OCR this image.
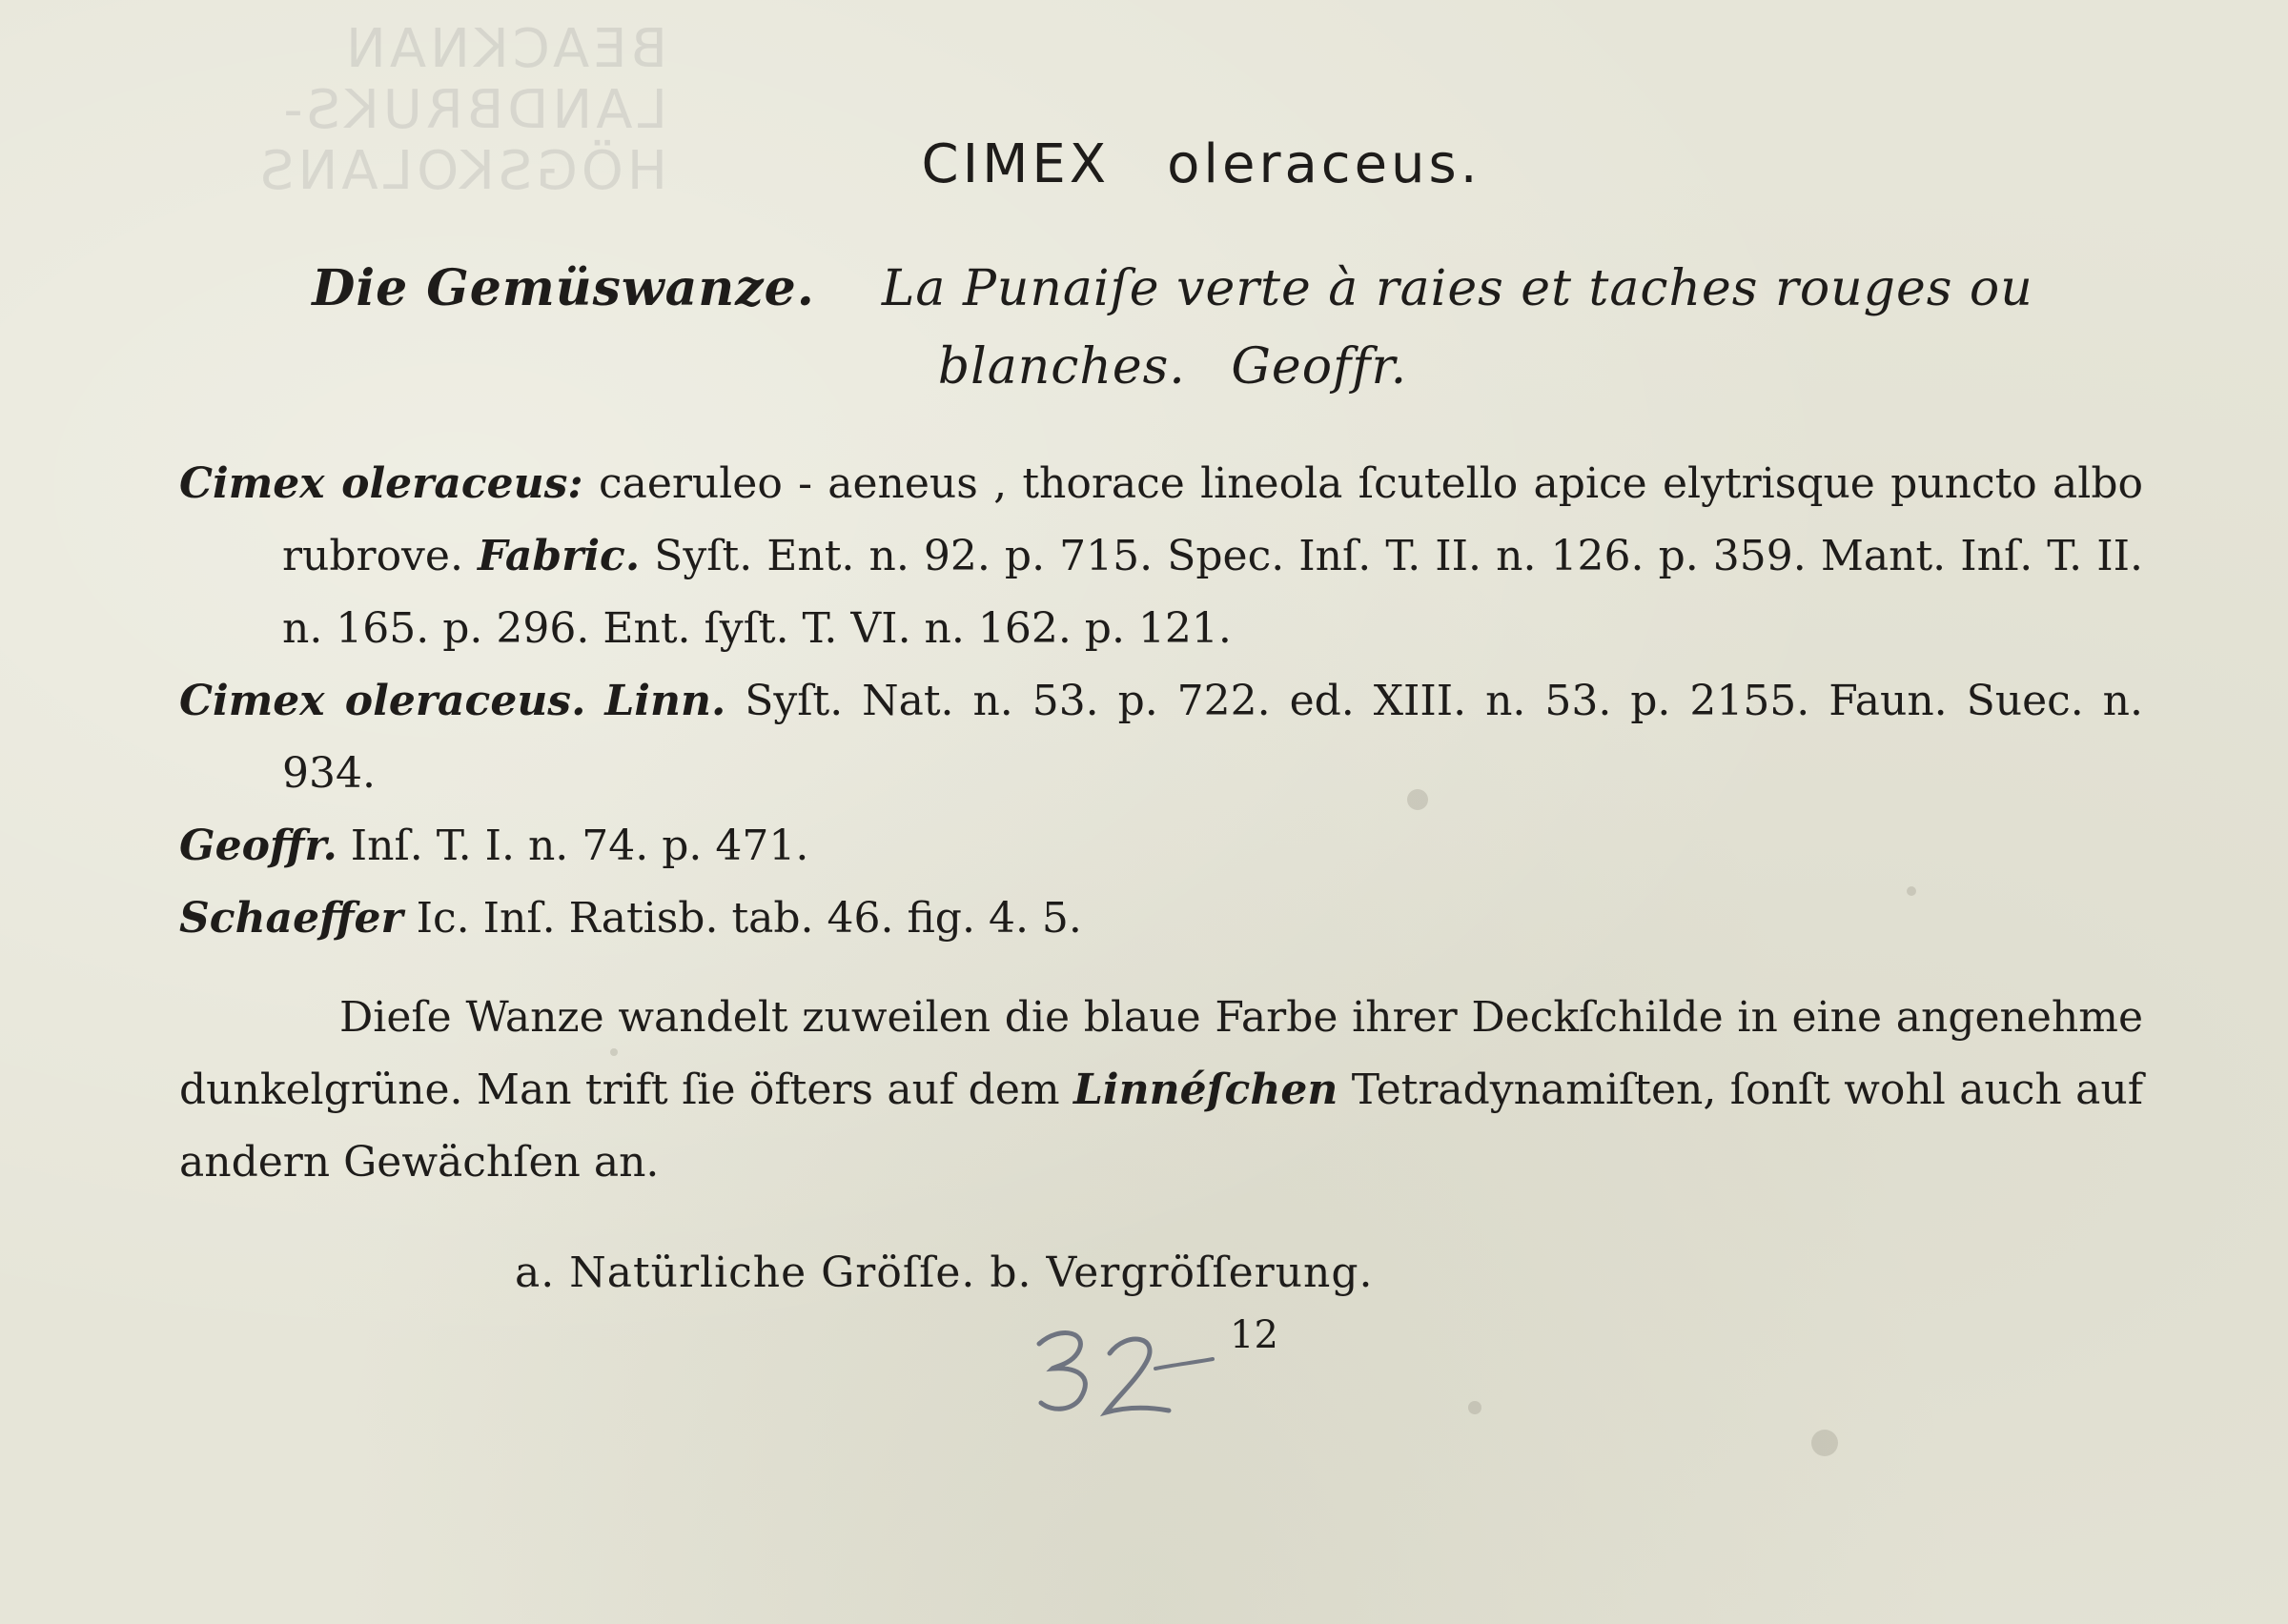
BEACKNAN
LANDBRUKS-
HÖGSKOLANS	CIMEX oleraceus.
Die Gemüswanze. La Punaiſe verte à raies et taches rouges ou blanches. Geoffr.
Cimex oleraceus: caeruleo - aeneus , thorace lineola ſcutello apice elytrisque puncto albo rubrove. Fabric. Syſt. Ent. n. 92. p. 715. Spec. Inſ. T. II. n. 126. p. 359. Mant. Inſ. T. II. n. 165. p. 296. Ent. ſyſt. T. VI. n. 162. p. 121.
Cimex oleraceus. Linn. Syſt. Nat. n. 53. p. 722. ed. XIII. n. 53. p. 2155. Faun. Suec. n. 934.
Geoffr. Inſ. T. I. n. 74. p. 471.
Schaeffer Ic. Inſ. Ratisb. tab. 46. fig. 4. 5.
Dieſe Wanze wandelt zuweilen die blaue Farbe ihrer Deckſchilde in eine angenehme dunkelgrüne. Man trift ſie öfters auf dem Linnéſchen Tetradynamiſten, ſonſt wohl auch auf andern Gewächſen an.
a. Natürliche Gröſſe. b. Vergröſſerung.
12
